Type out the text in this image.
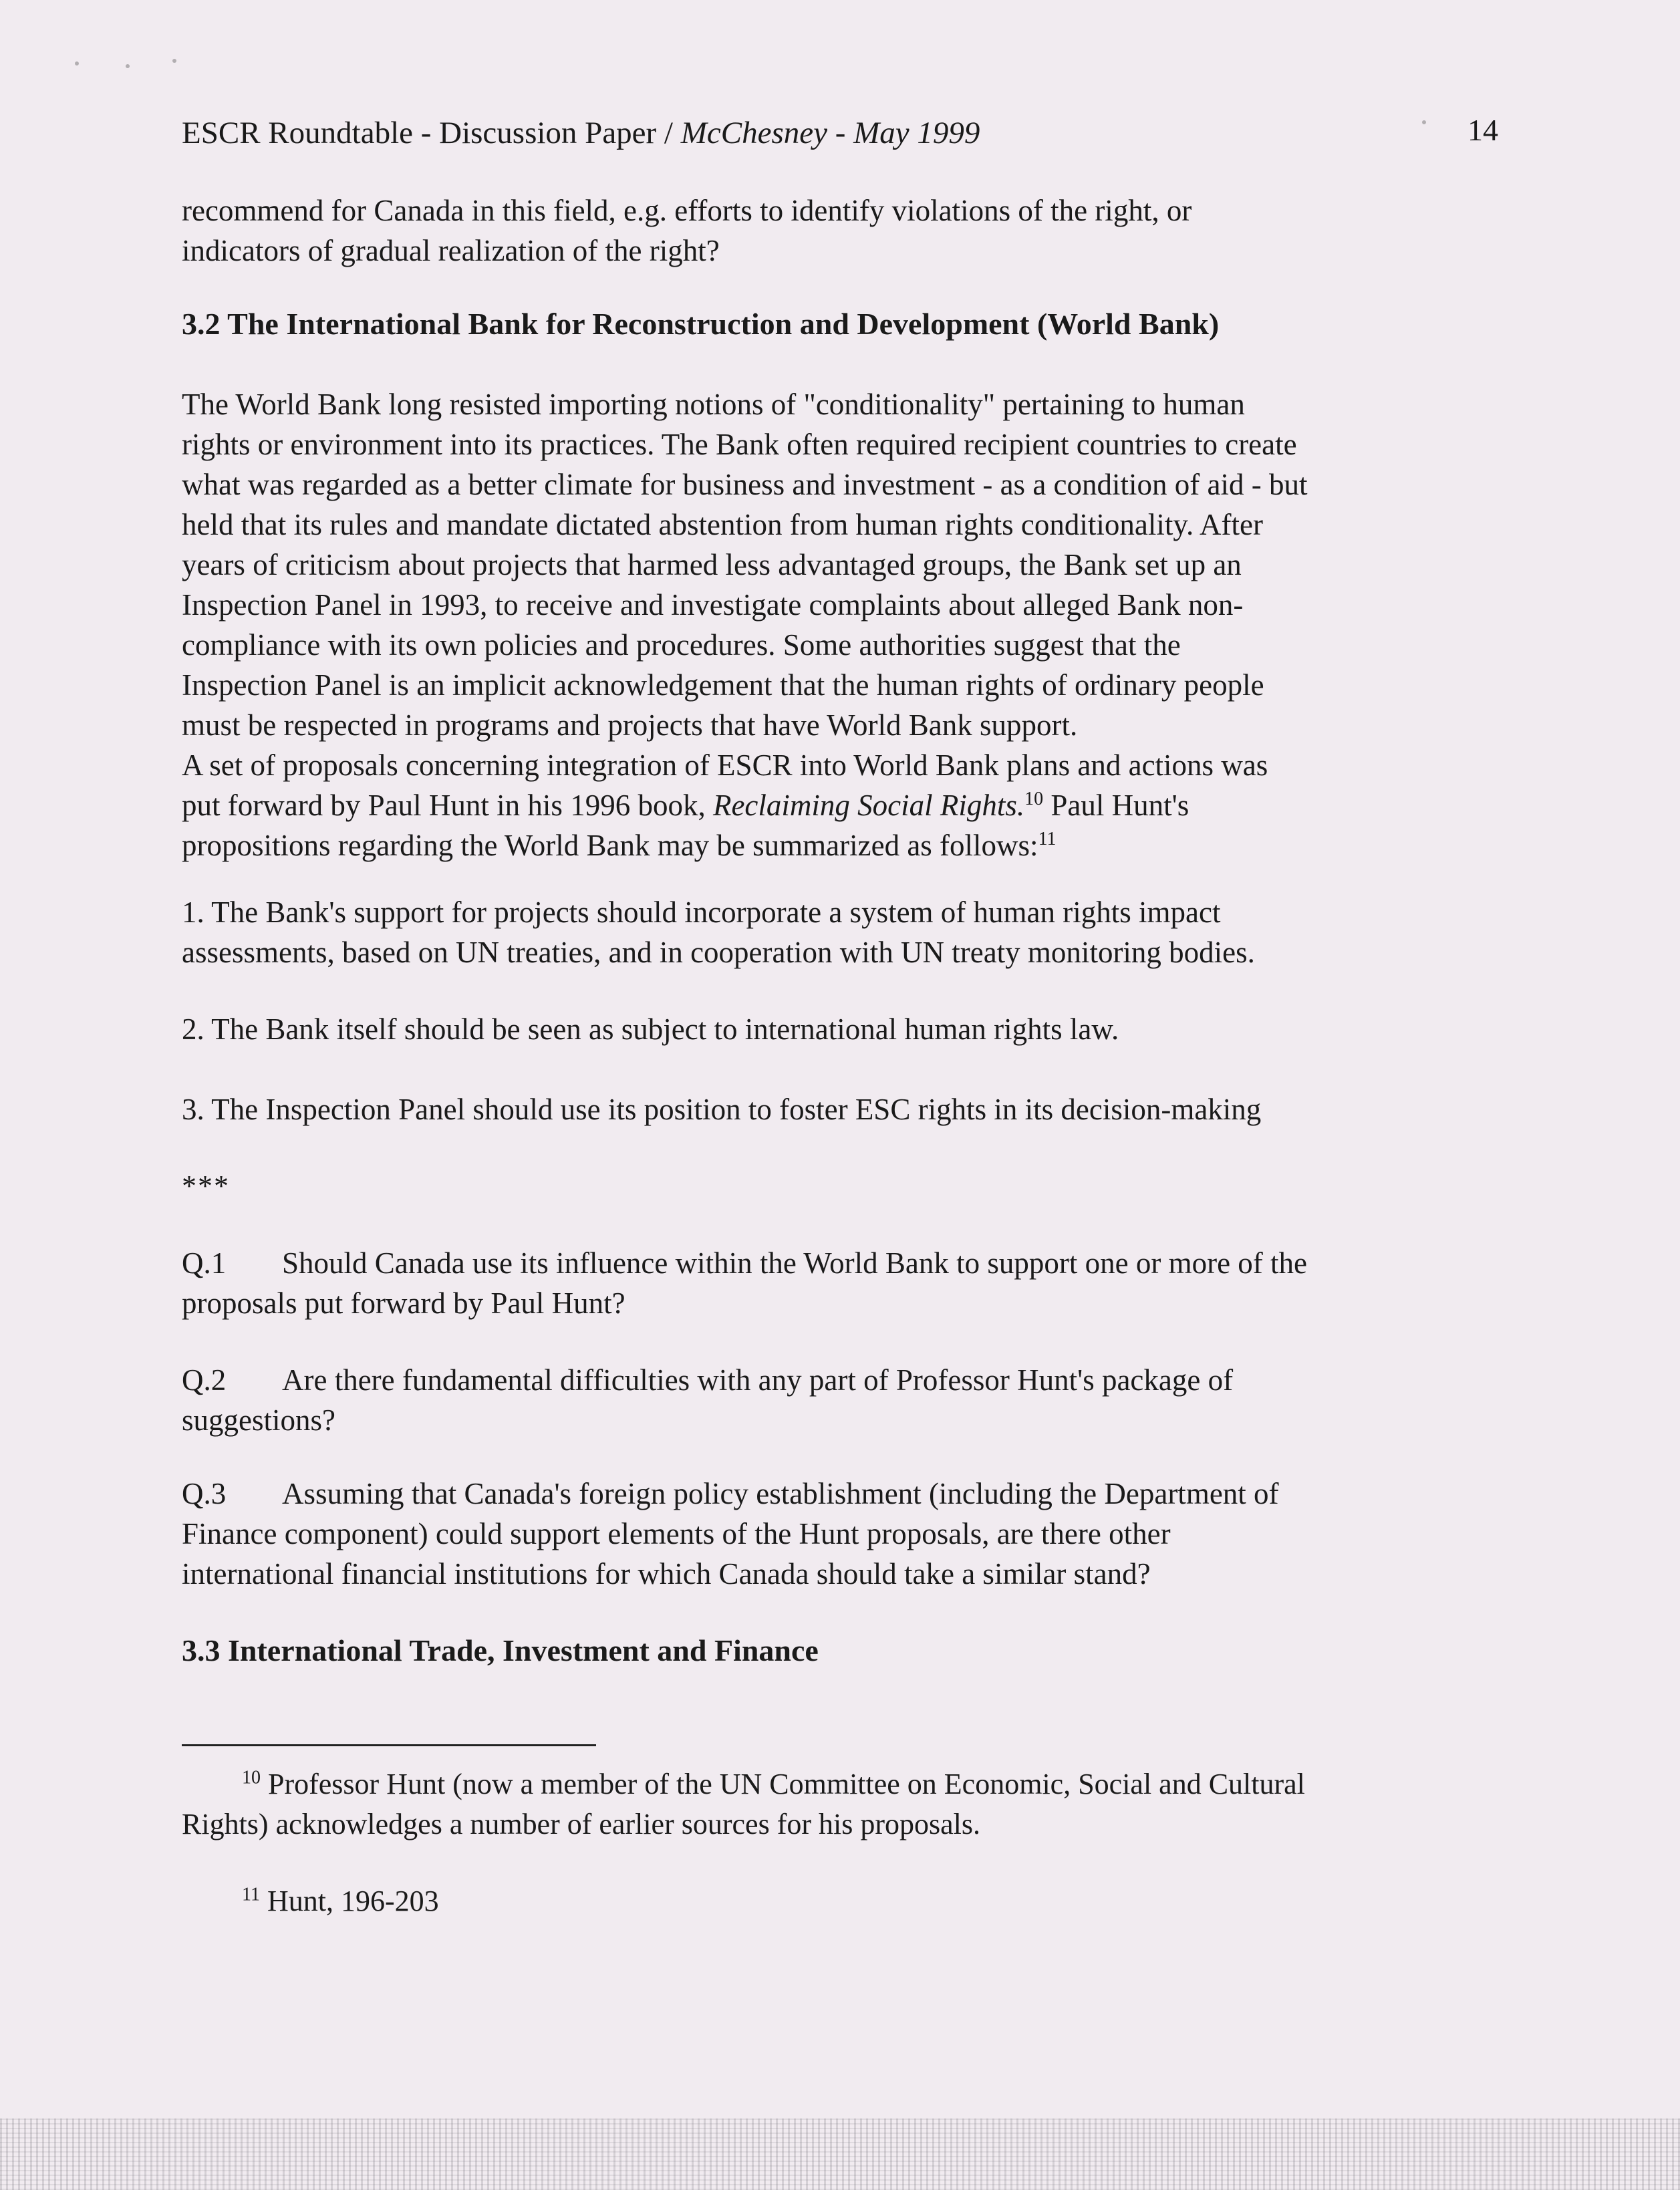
ESCR Roundtable - Discussion Paper / McChesney - May 1999	14
recommend for Canada in this field, e.g. efforts to identify violations of the right, or
indicators of gradual realization of the right?
3.2 The International Bank for Reconstruction and Development (World Bank)
The World Bank long resisted importing notions of "conditionality" pertaining to human
rights or environment into its practices. The Bank often required recipient countries to create
what was regarded as a better climate for business and investment - as a condition of aid - but
held that its rules and mandate dictated abstention from human rights conditionality. After
years of criticism about projects that harmed less advantaged groups, the Bank set up an
Inspection Panel in 1993, to receive and investigate complaints about alleged Bank non-
compliance with its own policies and procedures. Some authorities suggest that the
Inspection Panel is an implicit acknowledgement that the human rights of ordinary people
must be respected in programs and projects that have World Bank support.
A set of proposals concerning integration of ESCR into World Bank plans and actions was
put forward by Paul Hunt in his 1996 book, Reclaiming Social Rights.$^{10}$ Paul Hunt's
propositions regarding the World Bank may be summarized as follows:$^{11}$
1. The Bank's support for projects should incorporate a system of human rights impact
assessments, based on UN treaties, and in cooperation with UN treaty monitoring bodies.
2. The Bank itself should be seen as subject to international human rights law.
3. The Inspection Panel should use its position to foster ESC rights in its decision-making
***
Q.1 Should Canada use its influence within the World Bank to support one or more of the
proposals put forward by Paul Hunt?
Q.2 Are there fundamental difficulties with any part of Professor Hunt's package of
suggestions?
Q.3 Assuming that Canada's foreign policy establishment (including the Department of
Finance component) could support elements of the Hunt proposals, are there other
international financial institutions for which Canada should take a similar stand?
3.3 International Trade, Investment and Finance
$^{10}$ Professor Hunt (now a member of the UN Committee on Economic, Social and Cultural
Rights) acknowledges a number of earlier sources for his proposals.
$^{11}$ Hunt, 196-203
